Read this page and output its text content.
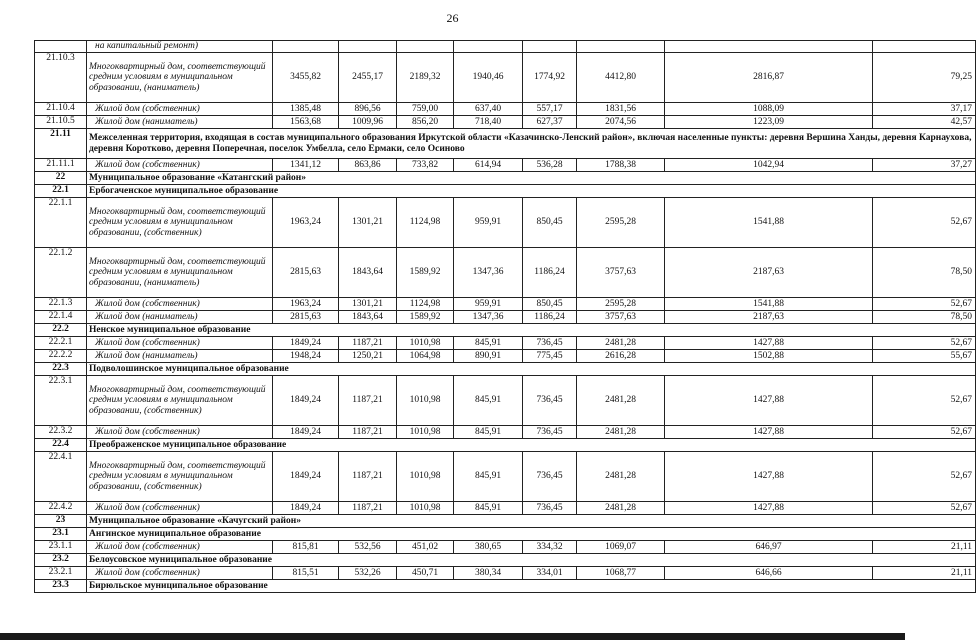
26
	на капитальный ремонт)								
21.10.3	Многоквартирный дом, соответствующий средним условиям в муниципальном образовании, (наниматель)	3455,82	2455,17	2189,32	1940,46	1774,92	4412,80	2816,87	79,25
21.10.4	Жилой дом (собственник)	1385,48	896,56	759,00	637,40	557,17	1831,56	1088,09	37,17
21.10.5	Жилой дом (наниматель)	1563,68	1009,96	856,20	718,40	627,37	2074,56	1223,09	42,57
21.11	Межселенная территория, входящая в состав муниципального образования Иркутской области «Казачинско-Ленский район», включая населенные пункты: деревня Вершина Ханды, деревня Карнаухова, деревня Коротково, деревня Поперечная, поселок Умбелла, село Ермаки, село Осиново								
21.11.1	Жилой дом (собственник)	1341,12	863,86	733,82	614,94	536,28	1788,38	1042,94	37,27
22	Муниципальное образование «Катангский район»								
22.1	Ербогаченское муниципальное образование								
22.1.1	Многоквартирный дом, соответствующий средним условиям в муниципальном образовании, (собственник)	1963,24	1301,21	1124,98	959,91	850,45	2595,28	1541,88	52,67
22.1.2	Многоквартирный дом, соответствующий средним условиям в муниципальном образовании, (наниматель)	2815,63	1843,64	1589,92	1347,36	1186,24	3757,63	2187,63	78,50
22.1.3	Жилой дом (собственник)	1963,24	1301,21	1124,98	959,91	850,45	2595,28	1541,88	52,67
22.1.4	Жилой дом (наниматель)	2815,63	1843,64	1589,92	1347,36	1186,24	3757,63	2187,63	78,50
22.2	Ненское муниципальное образование								
22.2.1	Жилой дом (собственник)	1849,24	1187,21	1010,98	845,91	736,45	2481,28	1427,88	52,67
22.2.2	Жилой дом (наниматель)	1948,24	1250,21	1064,98	890,91	775,45	2616,28	1502,88	55,67
22.3	Подволошинское муниципальное образование								
22.3.1	Многоквартирный дом, соответствующий средним условиям в муниципальном образовании, (собственник)	1849,24	1187,21	1010,98	845,91	736,45	2481,28	1427,88	52,67
22.3.2	Жилой дом (собственник)	1849,24	1187,21	1010,98	845,91	736,45	2481,28	1427,88	52,67
22.4	Преображенское муниципальное образование								
22.4.1	Многоквартирный дом, соответствующий средним условиям в муниципальном образовании, (собственник)	1849,24	1187,21	1010,98	845,91	736,45	2481,28	1427,88	52,67
22.4.2	Жилой дом (собственник)	1849,24	1187,21	1010,98	845,91	736,45	2481,28	1427,88	52,67
23	Муниципальное образование «Качугский район»								
23.1	Ангинское муниципальное образование								
23.1.1	Жилой дом (собственник)	815,81	532,56	451,02	380,65	334,32	1069,07	646,97	21,11
23.2	Белоусовское муниципальное образование								
23.2.1	Жилой дом (собственник)	815,51	532,26	450,71	380,34	334,01	1068,77	646,66	21,11
23.3	Бирюльское муниципальное образование								
